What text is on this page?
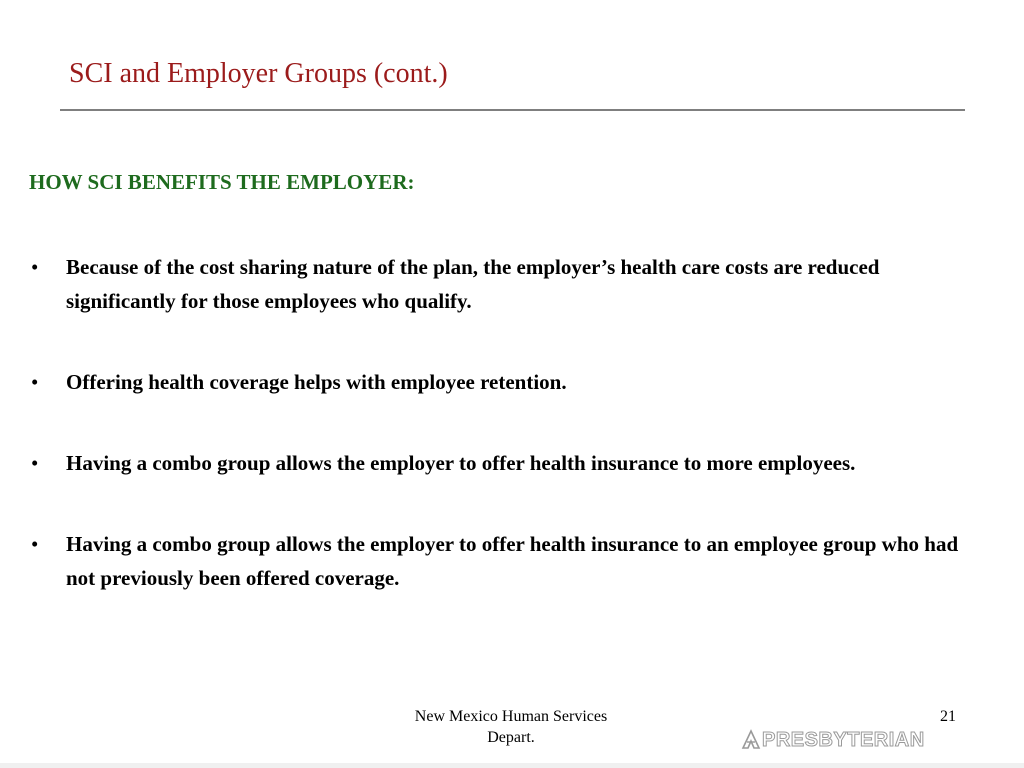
SCI and Employer Groups (cont.)
HOW SCI BENEFITS THE EMPLOYER:
• Because of the cost sharing nature of the plan, the employer’s health care costs are reduced significantly for those employees who qualify.
• Offering health coverage helps with employee retention.
• Having a combo group allows the employer to offer health insurance to more employees.
• Having a combo group allows the employer to offer health insurance to an employee group who had not previously been offered coverage.
New Mexico Human Services
Depart.
21
PRESBYTERIAN
